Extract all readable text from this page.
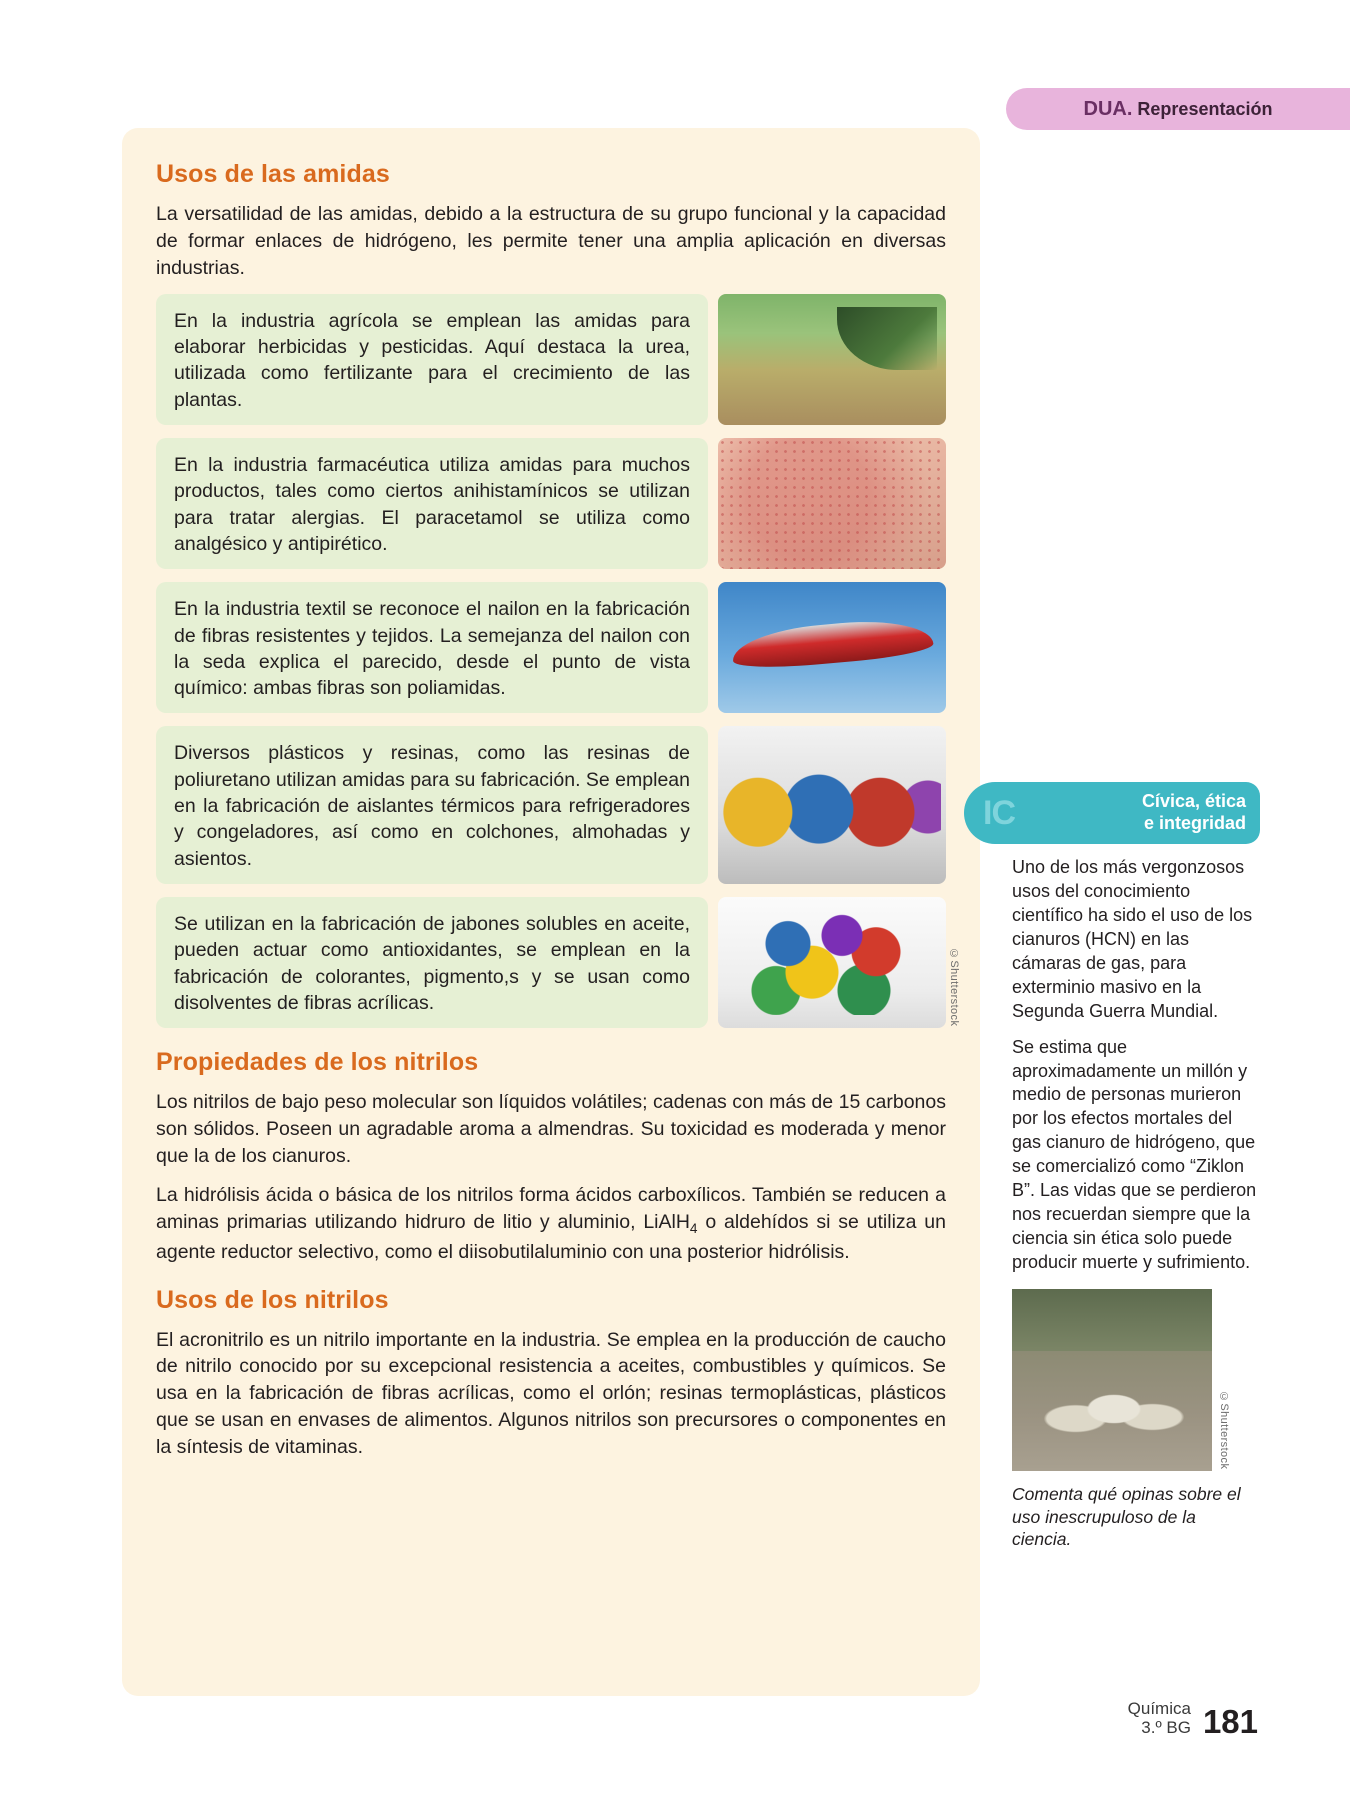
DUA. Representación
Usos de las amidas

La versatilidad de las amidas, debido a la estructura de su grupo funcional y la capacidad de formar enlaces de hidrógeno, les permite tener una amplia aplicación en diversas industrias.

En la industria agrícola se emplean las amidas para elaborar herbicidas y pesticidas. Aquí destaca la urea, utilizada como fertilizante para el crecimiento de las plantas.
En la industria farmacéutica utiliza amidas para muchos productos, tales como ciertos anihistamínicos se utilizan para tratar alergias. El paracetamol se utiliza como analgésico y antipirético.
En la industria textil se reconoce el nailon en la fabricación de fibras resistentes y tejidos. La semejanza del nailon con la seda explica el parecido, desde el punto de vista químico: ambas fibras son poliamidas.
Diversos plásticos y resinas, como las resinas de poliuretano utilizan amidas para su fabricación. Se emplean en la fabricación de aislantes térmicos para refrigeradores y congeladores, así como en colchones, almohadas y asientos.
Se utilizan en la fabricación de jabones solubles en aceite, pueden actuar como antioxidantes, se emplean en la fabricación de colorantes, pigmento,s y se usan como disolventes de fibras acrílicas.	©Shutterstock
Propiedades de los nitrilos

Los nitrilos de bajo peso molecular son líquidos volátiles; cadenas con más de 15 carbonos son sólidos. Poseen un agradable aroma a almendras. Su toxicidad es moderada y menor que la de los cianuros.

La hidrólisis ácida o básica de los nitrilos forma ácidos carboxílicos. También se reducen a aminas primarias utilizando hidruro de litio y aluminio, LiAlH$_4$ o aldehídos si se utiliza un agente reductor selectivo, como el diisobutilaluminio con una posterior hidrólisis.

Usos de los nitrilos

El acronitrilo es un nitrilo importante en la industria. Se emplea en la producción de caucho de nitrilo conocido por su excepcional resistencia a aceites, combustibles y químicos. Se usa en la fabricación de fibras acrílicas, como el orlón; resinas termoplásticas, plásticos que se usan en envases de alimentos. Algunos nitrilos son precursores o componentes en la síntesis de vitaminas.

IC	Cívica, ética
e integridad

Uno de los más vergonzosos usos del conocimiento científico ha sido el uso de los cianuros (HCN) en las cámaras de gas, para exterminio masivo en la Segunda Guerra Mundial.

Se estima que aproximadamente un millón y medio de personas murieron por los efectos mortales del gas cianuro de hidrógeno, que se comercializó como “Ziklon B”. Las vidas que se perdieron nos recuerdan siempre que la ciencia sin ética solo puede producir muerte y sufrimiento.

©Shutterstock
Comenta qué opinas sobre el uso inescrupuloso de la ciencia.
Química
3.º BG 181
